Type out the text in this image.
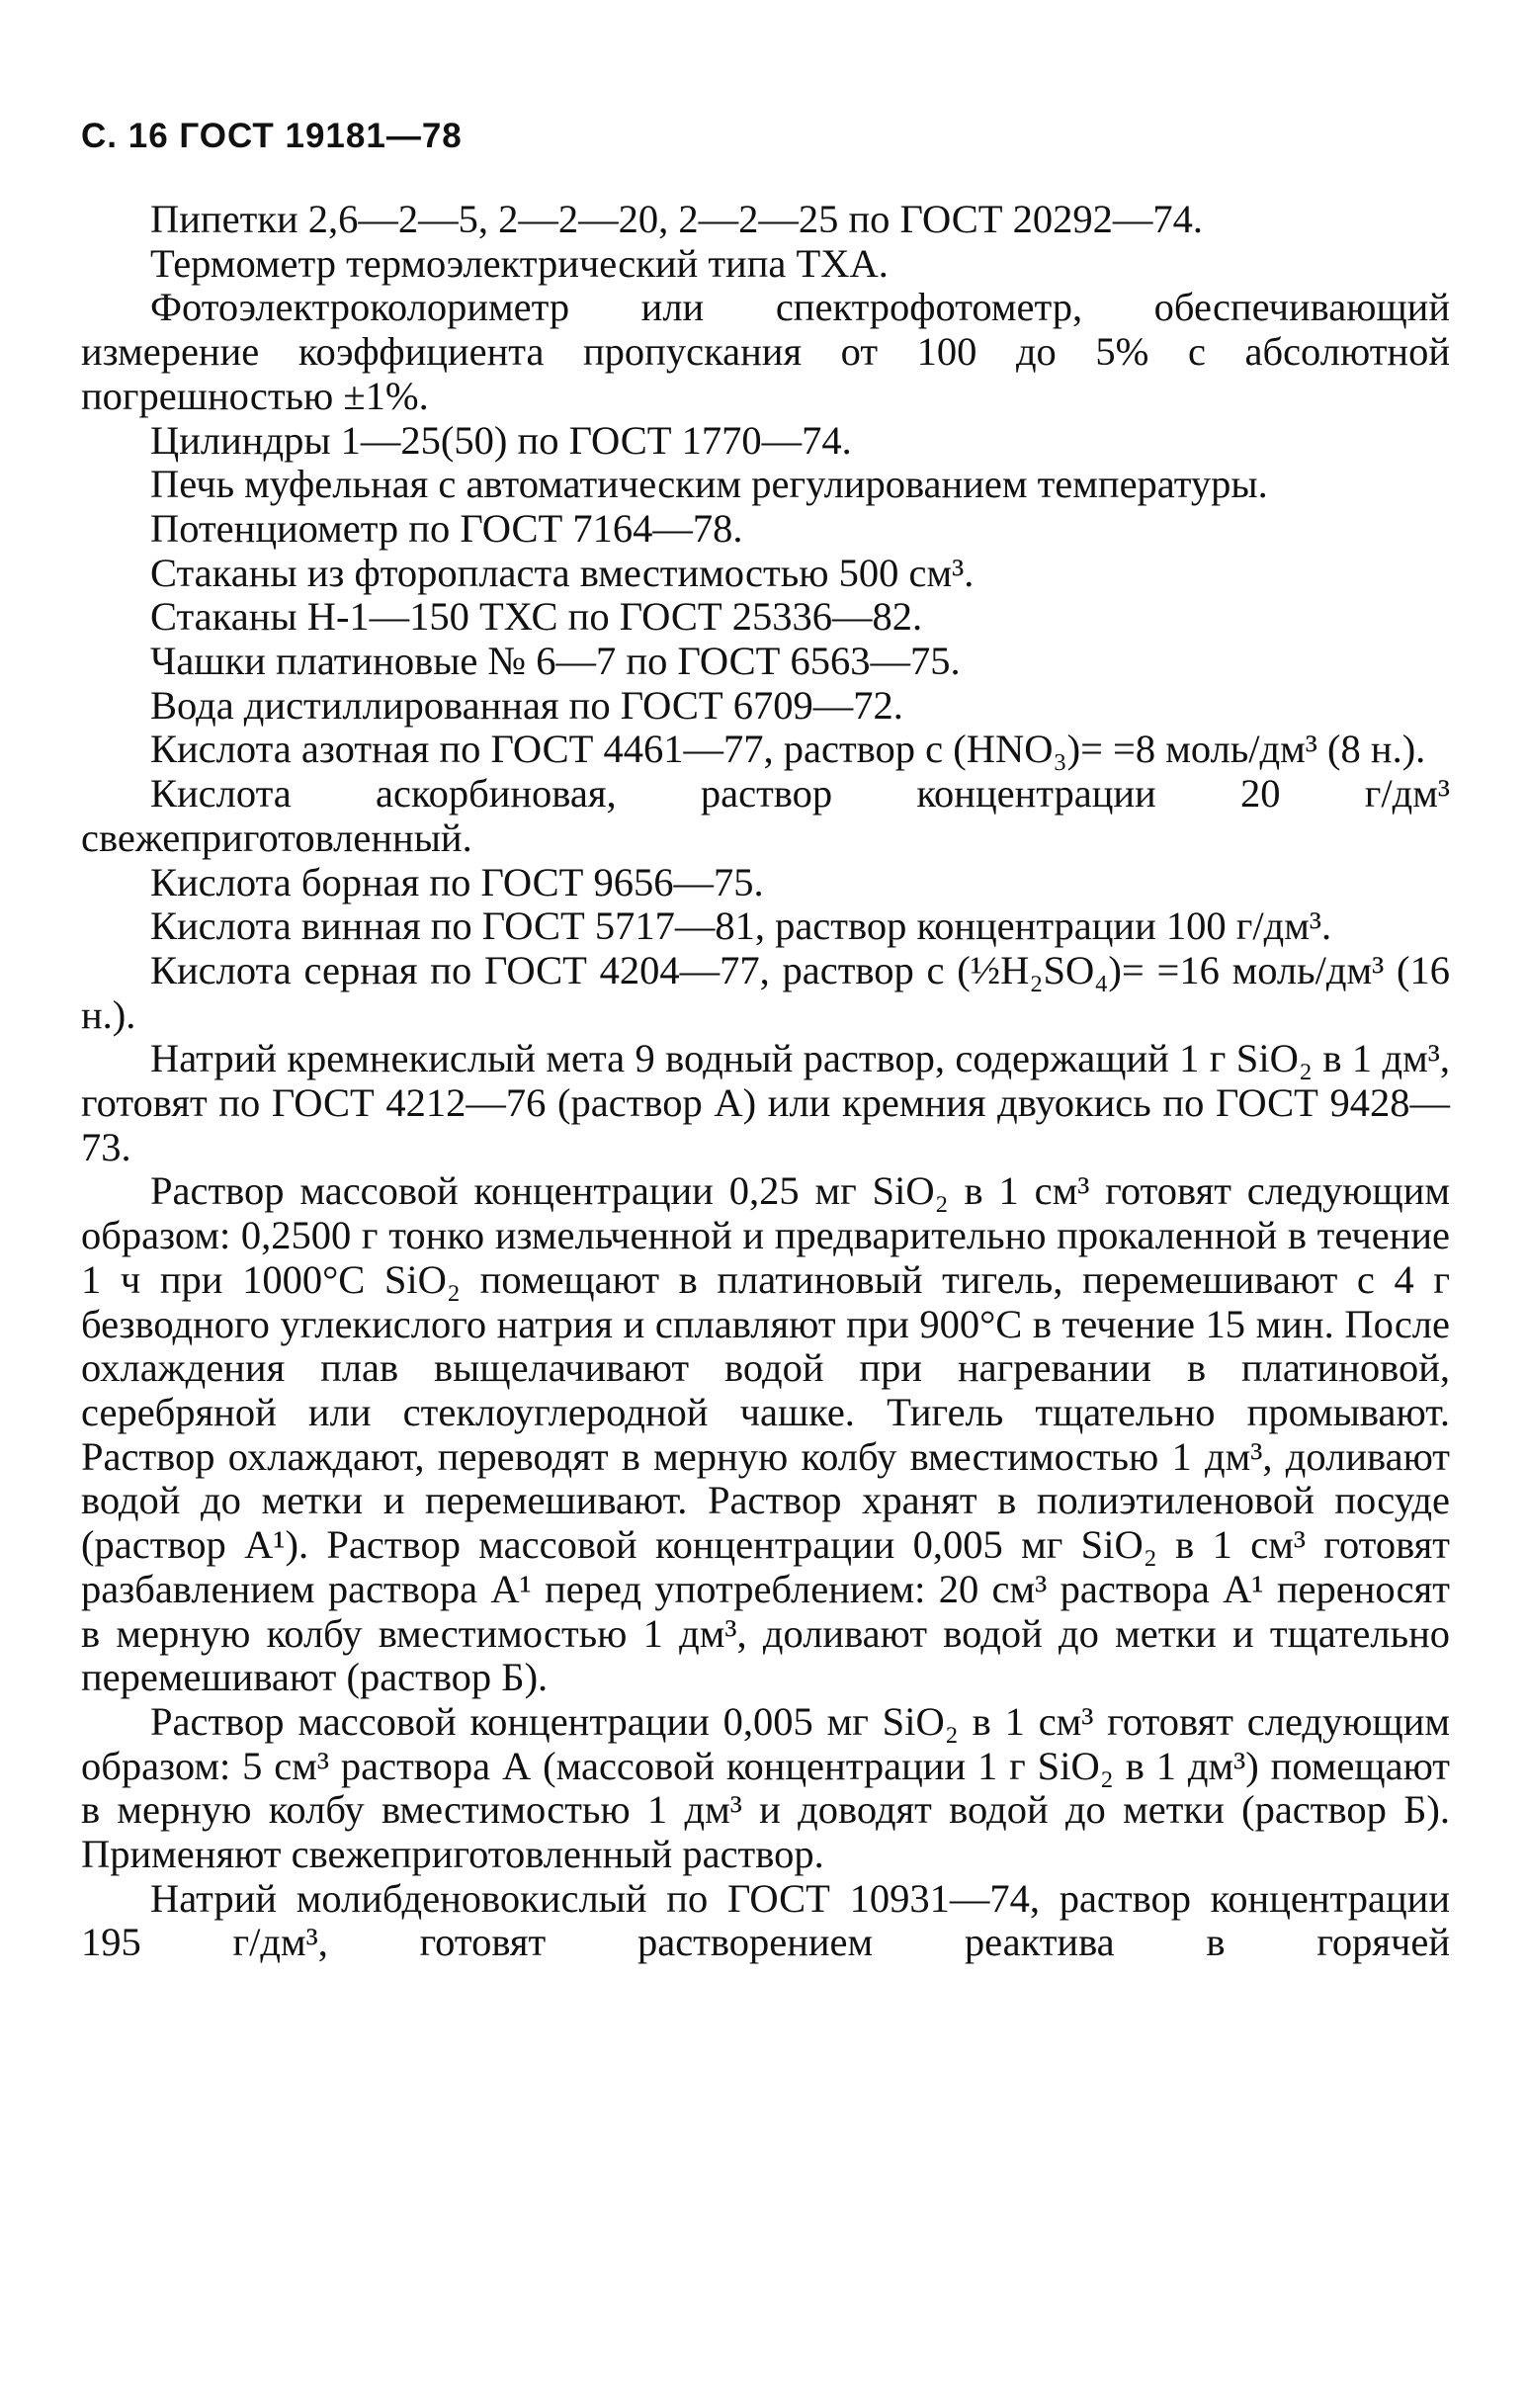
С. 16 ГОСТ 19181—78

Пипетки 2,6—2—5, 2—2—20, 2—2—25 по ГОСТ 20292—74.

Термометр термоэлектрический типа ТХА.

Фотоэлектроколориметр или спектрофотометр, обеспечивающий измерение коэффициента пропускания от 100 до 5% с абсолютной погрешностью ±1%.

Цилиндры 1—25(50) по ГОСТ 1770—74.

Печь муфельная с автоматическим регулированием температуры.

Потенциометр по ГОСТ 7164—78.

Стаканы из фторопласта вместимостью 500 см³.

Стаканы Н-1—150 ТХС по ГОСТ 25336—82.

Чашки платиновые № 6—7 по ГОСТ 6563—75.

Вода дистиллированная по ГОСТ 6709—72.

Кислота азотная по ГОСТ 4461—77, раствор с (HNO₃)= =8 моль/дм³ (8 н.).

Кислота аскорбиновая, раствор концентрации 20 г/дм³ свежеприготовленный.

Кислота борная по ГОСТ 9656—75.

Кислота винная по ГОСТ 5717—81, раствор концентрации 100 г/дм³.

Кислота серная по ГОСТ 4204—77, раствор с (½H₂SO₄)= =16 моль/дм³ (16 н.).

Натрий кремнекислый мета 9 водный раствор, содержащий 1 г SiO₂ в 1 дм³, готовят по ГОСТ 4212—76 (раствор А) или кремния двуокись по ГОСТ 9428—73.

Раствор массовой концентрации 0,25 мг SiO₂ в 1 см³ готовят следующим образом: 0,2500 г тонко измельченной и предварительно прокаленной в течение 1 ч при 1000°С SiO₂ помещают в платиновый тигель, перемешивают с 4 г безводного углекислого натрия и сплавляют при 900°С в течение 15 мин. После охлаждения плав выщелачивают водой при нагревании в платиновой, серебряной или стеклоуглеродной чашке. Тигель тщательно промывают. Раствор охлаждают, переводят в мерную колбу вместимостью 1 дм³, доливают водой до метки и перемешивают. Раствор хранят в полиэтиленовой посуде (раствор А¹). Раствор массовой концентрации 0,005 мг SiO₂ в 1 см³ готовят разбавлением раствора А¹ перед употреблением: 20 см³ раствора А¹ переносят в мерную колбу вместимостью 1 дм³, доливают водой до метки и тщательно перемешивают (раствор Б).

Раствор массовой концентрации 0,005 мг SiO₂ в 1 см³ готовят следующим образом: 5 см³ раствора А (массовой концентрации 1 г SiO₂ в 1 дм³) помещают в мерную колбу вместимостью 1 дм³ и доводят водой до метки (раствор Б). Применяют свежеприготовленный раствор.

Натрий молибденовокислый по ГОСТ 10931—74, раствор концентрации 195 г/дм³, готовят растворением реактива в горячей
